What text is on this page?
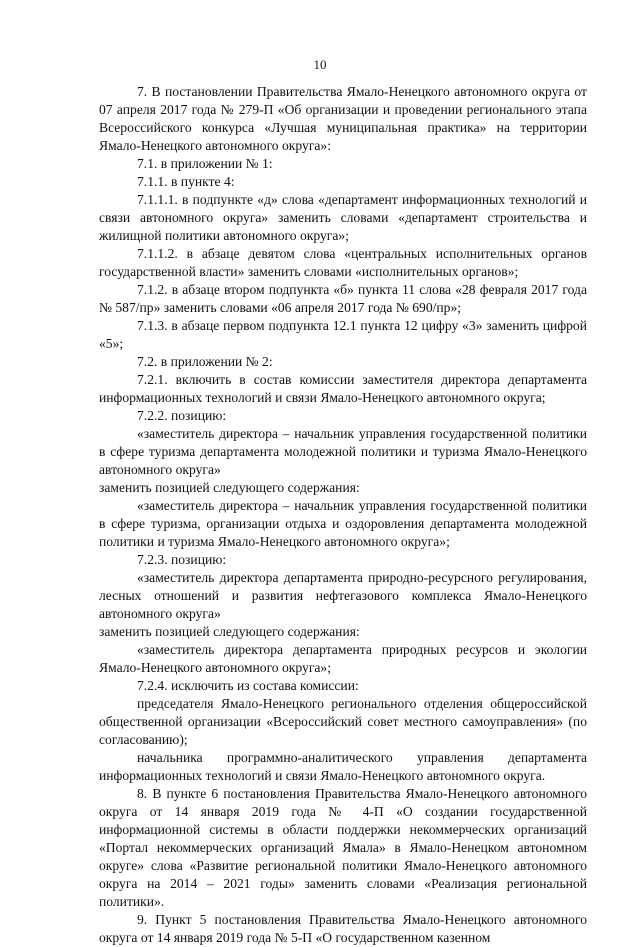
10

7. В постановлении Правительства Ямало-Ненецкого автономного округа от 07 апреля 2017 года № 279-П «Об организации и проведении регионального этапа Всероссийского конкурса «Лучшая муниципальная практика» на территории Ямало-Ненецкого автономного округа»:

7.1. в приложении № 1:

7.1.1. в пункте 4:

7.1.1.1. в подпункте «д» слова «департамент информационных технологий и связи автономного округа» заменить словами «департамент строительства и жилищной политики автономного округа»;

7.1.1.2. в абзаце девятом слова «центральных исполнительных органов государственной власти» заменить словами «исполнительных органов»;

7.1.2. в абзаце втором подпункта «б» пункта 11 слова «28 февраля 2017 года № 587/пр» заменить словами «06 апреля 2017 года № 690/пр»;

7.1.3. в абзаце первом подпункта 12.1 пункта 12 цифру «3» заменить цифрой «5»;

7.2. в приложении № 2:

7.2.1. включить в состав комиссии заместителя директора департамента информационных технологий и связи Ямало-Ненецкого автономного округа;

7.2.2. позицию:

«заместитель директора – начальник управления государственной политики в сфере туризма департамента молодежной политики и туризма Ямало-Ненецкого автономного округа»

заменить позицией следующего содержания:

«заместитель директора – начальник управления государственной политики в сфере туризма, организации отдыха и оздоровления департамента молодежной политики и туризма Ямало-Ненецкого автономного округа»;

7.2.3. позицию:

«заместитель директора департамента природно-ресурсного регулирования, лесных отношений и развития нефтегазового комплекса Ямало-Ненецкого автономного округа»

заменить позицией следующего содержания:

«заместитель директора департамента природных ресурсов и экологии Ямало-Ненецкого автономного округа»;

7.2.4. исключить из состава комиссии:

председателя Ямало-Ненецкого регионального отделения общероссийской общественной организации «Всероссийский совет местного самоуправления» (по согласованию);

начальника программно-аналитического управления департамента информационных технологий и связи Ямало-Ненецкого автономного округа.

8. В пункте 6 постановления Правительства Ямало-Ненецкого автономного округа от 14 января 2019 года № 4-П «О создании государственной информационной системы в области поддержки некоммерческих организаций «Портал некоммерческих организаций Ямала» в Ямало-Ненецком автономном округе» слова «Развитие региональной политики Ямало-Ненецкого автономного округа на 2014 – 2021 годы» заменить словами «Реализация региональной политики».

9. Пункт 5 постановления Правительства Ямало-Ненецкого автономного округа от 14 января 2019 года № 5-П «О государственном казенном
